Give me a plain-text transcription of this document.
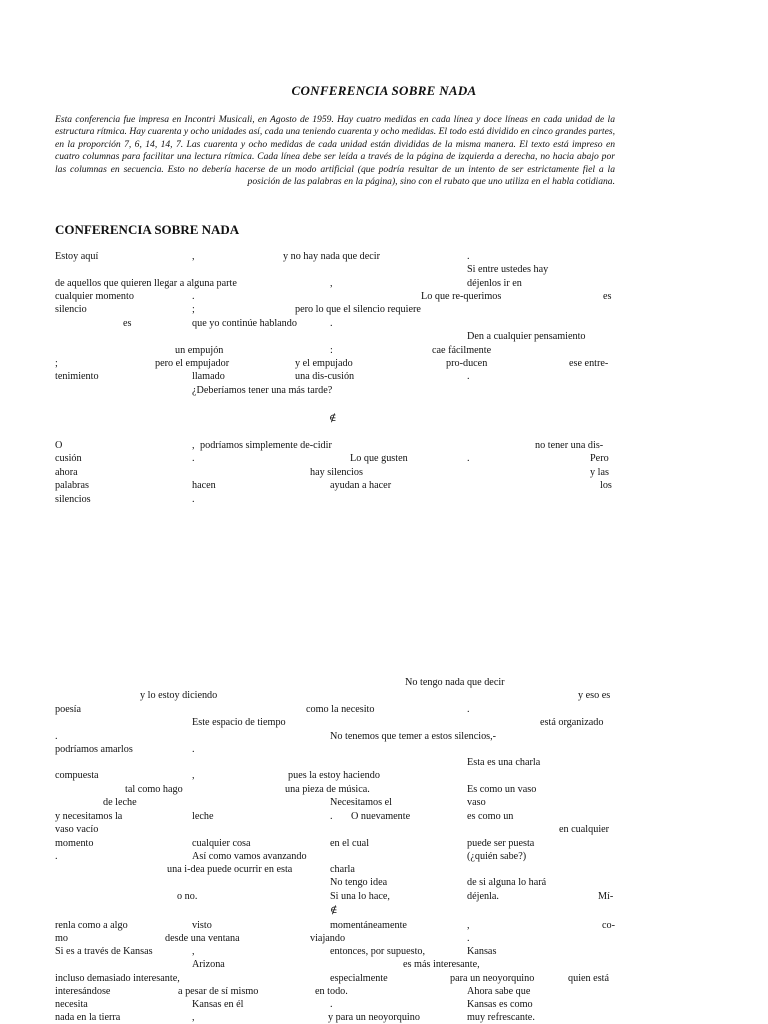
CONFERENCIA SOBRE NADA
Esta conferencia fue impresa en Incontri Musicali, en Agosto de 1959. Hay cuatro medidas en cada línea y doce líneas en cada unidad de la estructura rítmica. Hay cuarenta y ocho unidades así, cada una teniendo cuarenta y ocho medidas. El todo está dividido en cinco grandes partes, en la proporción 7, 6, 14, 14, 7. Las cuarenta y ocho medidas de cada unidad están divididas de la misma manera. El texto está impreso en cuatro columnas para facilitar una lectura rítmica. Cada línea debe ser leída a través de la página de izquierda a derecha, no hacia abajo por las columnas en secuencia. Esto no debería hacerse de un modo artificial (que podría resultar de un intento de ser estrictamente fiel a la posición de las palabras en la página), sino con el rubato que uno utiliza en el habla cotidiana.
CONFERENCIA SOBRE NADA
Estoy aquí	,	y no hay nada que decir	.
Si entre ustedes hay
de aquellos que quieren llegar a alguna parte	,	déjenlos ir en
cualquier momento	.	Lo que re-querimos	es
silencio	;	pero lo que el silencio requiere
es	que yo continúe hablando	.
Den a cualquier pensamiento
un empujón	:	cae fácilmente
;	pero el empujador	y el empujado	pro-ducen	ese entre-
tenimiento	llamado	una dis-cusión	.
¿Deberíamos tener una más tarde?
∉
O	, podríamos simplemente de-cidir	no tener una dis-
cusión	.	Lo que gusten	.	Pero
ahora	hay silencios	y las
palabras	hacen	ayudan a hacer	los
silencios	.
No tengo nada que decir
y lo estoy diciendo	y eso es
poesía	como la necesito	.
Este espacio de tiempo	está organizado
.	No tenemos que temer a estos silencios,-
podríamos amarlos	.
Esta es una charla
compuesta	,	pues la estoy haciendo
tal como hago	una pieza de música.	Es como un vaso
de leche	Necesitamos el	vaso
y necesitamos la	leche	. O nuevamente	es como un
vaso vacío	en cualquier
momento	cualquier cosa	en el cual	puede ser puesta
.	Así como vamos avanzando	(¿quién sabe?)
una i-dea puede ocurrir en esta	charla
No tengo idea	de si alguna lo hará
o no.	Si una lo hace,	déjenla.	Mí-
∉
renla como a algo	visto	momentáneamente	,	co-
mo	desde una ventana	viajando	.
Si es a través de Kansas	,	entonces, por supuesto,	Kansas
Arizona	es más interesante,
incluso demasiado interesante,	especialmente	para un neoyorquino	quien está
interesándose	a pesar de sí mismo	en todo.	Ahora sabe que
necesita	Kansas en él	.	Kansas es como
nada en la tierra	,	y para un neoyorquino	muy refrescante.
